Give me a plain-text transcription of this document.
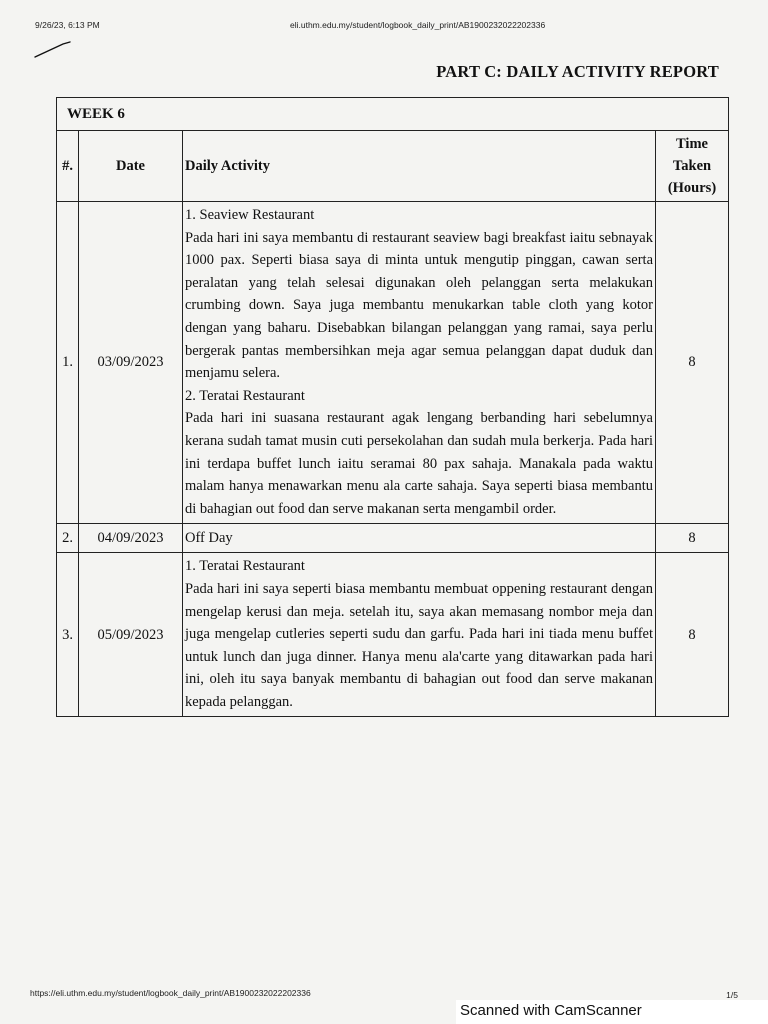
9/26/23, 6:13 PM	eli.uthm.edu.my/student/logbook_daily_print/AB1900232022202336
PART C: DAILY ACTIVITY REPORT
WEEK 6			
#.	Date	Daily Activity	Time
Taken
(Hours)

1.	03/09/2023	1. Seaview Restaurant

Pada hari ini saya membantu di restaurant seaview bagi breakfast iaitu sebnayak 1000 pax. Seperti biasa saya di minta untuk mengutip pinggan, cawan serta peralatan yang telah selesai digunakan oleh pelanggan serta melakukan crumbing down. Saya juga membantu menukarkan table cloth yang kotor dengan yang baharu. Disebabkan bilangan pelanggan yang ramai, saya perlu bergerak pantas membersihkan meja agar semua pelanggan dapat duduk dan menjamu selera.

2. Teratai Restaurant

Pada hari ini suasana restaurant agak lengang berbanding hari sebelumnya kerana sudah tamat musin cuti persekolahan dan sudah mula berkerja. Pada hari ini terdapa buffet lunch iaitu seramai 80 pax sahaja. Manakala pada waktu malam hanya menawarkan menu ala carte sahaja. Saya seperti biasa membantu di bahagian out food dan serve makanan serta mengambil order.	8
2.	04/09/2023	Off Day	8
3.	05/09/2023	1. Teratai Restaurant

Pada hari ini saya seperti biasa membantu membuat oppening restaurant dengan mengelap kerusi dan meja. setelah itu, saya akan memasang nombor meja dan juga mengelap cutleries seperti sudu dan garfu. Pada hari ini tiada menu buffet untuk lunch dan juga dinner. Hanya menu ala'carte yang ditawarkan pada hari ini, oleh itu saya banyak membantu di bahagian out food dan serve makanan kepada pelanggan.	8
https://eli.uthm.edu.my/student/logbook_daily_print/AB1900232022202336	1/5
Scanned with CamScanner
